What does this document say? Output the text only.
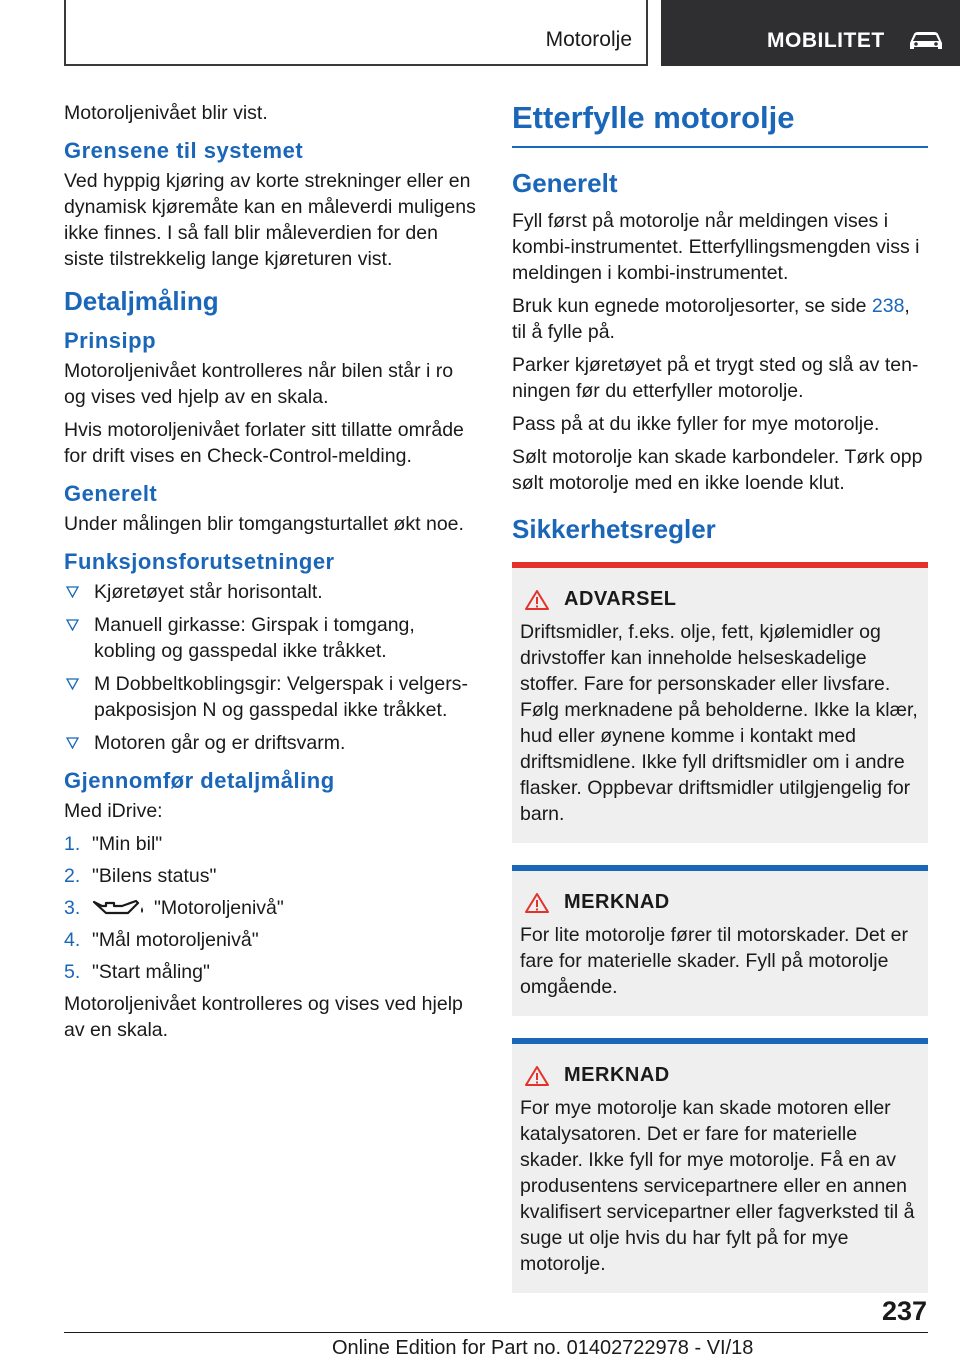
Motorolje	MOBILITET

Motoroljenivået blir vist.

Grensene til systemet

Ved hyppig kjøring av korte strekninger eller en dynamisk kjøremåte kan en måleverdi muligens ikke finnes. I så fall blir måleverdien for den siste tilstrekkelig lange kjøreturen vist.

Detaljmåling
Prinsipp

Motoroljenivået kontrolleres når bilen står i ro og vises ved hjelp av en skala.

Hvis motoroljenivået forlater sitt tillatte område for drift vises en Check-Control-melding.

Generelt

Under målingen blir tomgangsturtallet økt noe.

Funksjonsforutsetninger
Kjøretøyet står horisontalt.
Manuell girkasse: Girspak i tomgang, kobling og gasspedal ikke tråkket.
M Dobbeltkoblingsgir: Velgerspak i velgerspakposisjon N og gasspedal ikke tråkket.
Motoren går og er driftsvarm.
Gjennomfør detaljmåling

Med iDrive:

1. "Min bil"
2. "Bilens status"
3.	"Motoroljenivå"
4. "Mål motoroljenivå"
5. "Start måling"

Motoroljenivået kontrolleres og vises ved hjelp av en skala.

Etterfylle motorolje
Generelt

Fyll først på motorolje når meldingen vises i kombi-instrumentet. Etterfyllingsmengden viss i meldingen i kombi-instrumentet.

Bruk kun egnede motoroljesorter, se side 238, til å fylle på.

Parker kjøretøyet på et trygt sted og slå av tenningen før du etterfyller motorolje.

Pass på at du ikke fyller for mye motorolje.

Sølt motorolje kan skade karbondeler. Tørk opp sølt motorolje med en ikke loende klut.

Sikkerhetsregler
ADVARSEL

Driftsmidler, f.eks. olje, fett, kjølemidler og drivstoffer kan inneholde helseskadelige stoffer. Fare for personskader eller livsfare. Følg merknadene på beholderne. Ikke la klær, hud eller øynene komme i kontakt med driftsmidlene. Ikke fyll driftsmidler om i andre flasker. Oppbevar driftsmidler utilgjengelig for barn.

MERKNAD

For lite motorolje fører til motorskader. Det er fare for materielle skader. Fyll på motorolje omgående.

MERKNAD

For mye motorolje kan skade motoren eller katalysatoren. Det er fare for materielle skader. Ikke fyll for mye motorolje. Få en av produsentens servicepartnere eller en annen kvalifisert servicepartner eller fagverksted til å suge ut olje hvis du har fylt på for mye motorolje.

237
Online Edition for Part no. 01402722978 - VI/18
